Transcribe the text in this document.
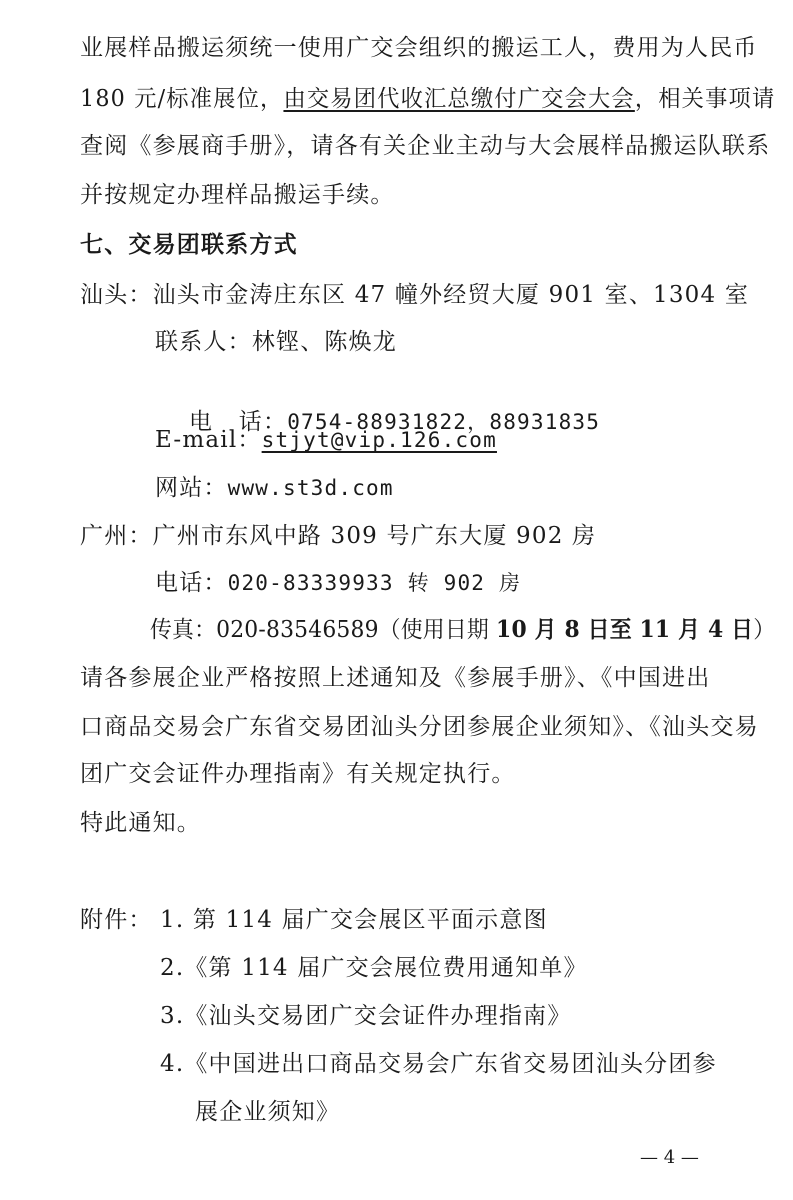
业展样品搬运须统一使用广交会组织的搬运工人，费用为人民币
180 元/标准展位，由交易团代收汇总缴付广交会大会，相关事项请
查阅《参展商手册》，请各有关企业主动与大会展样品搬运队联系
并按规定办理样品搬运手续。
七、交易团联系方式
汕头：汕头市金涛庄东区 47 幢外经贸大厦 901 室、1304 室
联系人：林铿、陈焕龙

电   话：0754-88931822，88931835

E-mail：stjyt@vip.126.com
网站：www.st3d.com
广州：广州市东风中路 309 号广东大厦 902 房
电话：020-83339933 转 902 房
传真：020-83546589（使用日期 10 月 8 日至 11 月 4 日）
请各参展企业严格按照上述通知及《参展手册》、《中国进出
口商品交易会广东省交易团汕头分团参展企业须知》、《汕头交易
团广交会证件办理指南》有关规定执行。
特此通知。
附件： 1. 第 114 届广交会展区平面示意图
2.《第 114 届广交会展位费用通知单》
3.《汕头交易团广交会证件办理指南》
4.《中国进出口商品交易会广东省交易团汕头分团参
展企业须知》
— 4 —
